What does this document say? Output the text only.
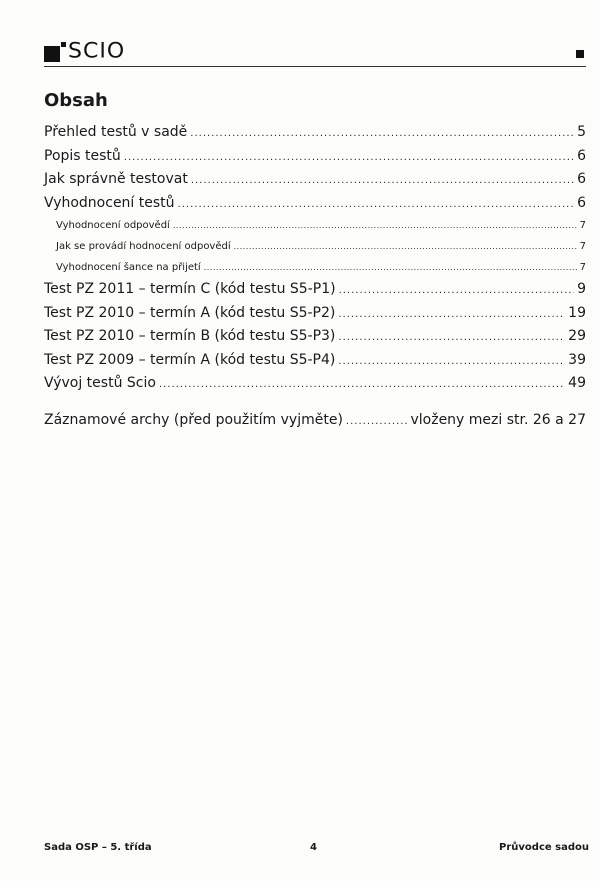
SCIO
Obsah
Přehled testů v sadě .....	5
Popis testů .....	6
Jak správně testovat .....	6
Vyhodnocení testů .....	6
Vyhodnocení odpovědí .....	7
Jak se provádí hodnocení odpovědí .....	7
Vyhodnocení šance na přijetí .....	7
Test PZ 2011 – termín C (kód testu S5-P1) .....	9
Test PZ 2010 – termín A (kód testu S5-P2) .....	19
Test PZ 2010 – termín B (kód testu S5-P3) .....	29
Test PZ 2009 – termín A (kód testu S5-P4) .....	39
Vývoj testů Scio .....	49
Záznamové archy (před použitím vyjměte) .....	vloženy mezi str. 26 a 27
Sada OSP – 5. třída	4	Průvodce sadou
